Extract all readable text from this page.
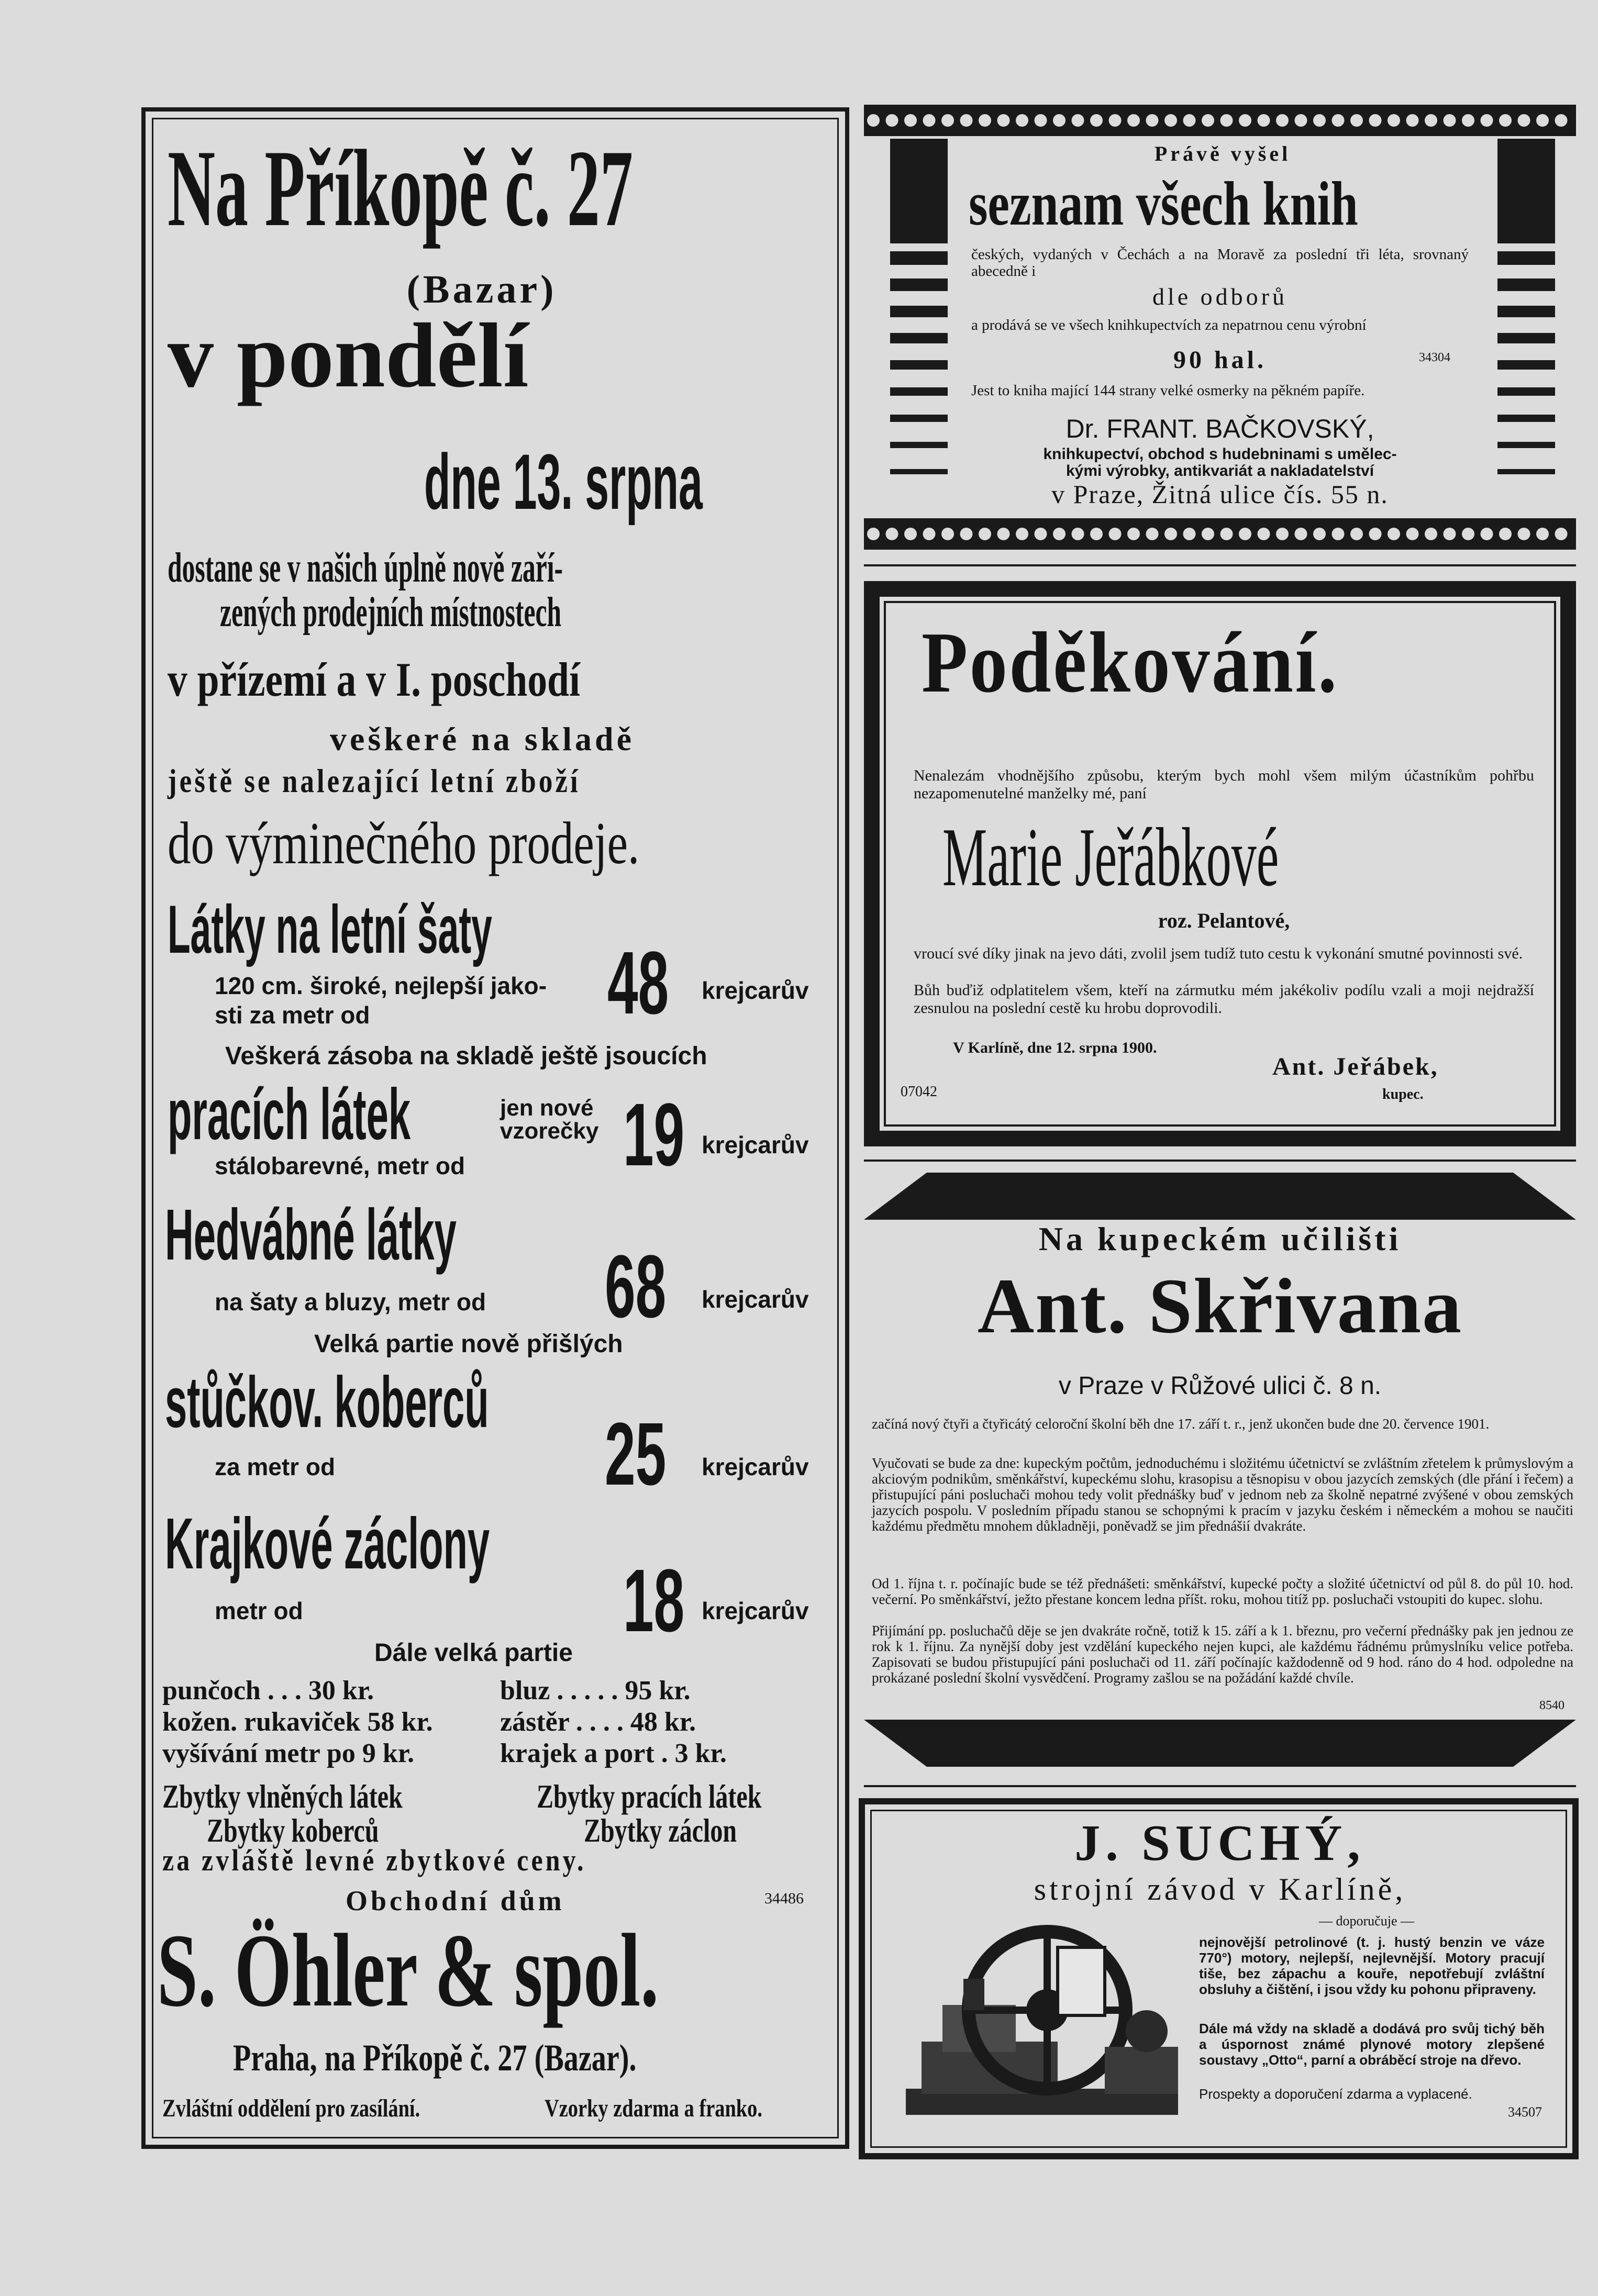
Na Příkopě č. 27
(Bazar)
v pondělí
dne 13. srpna
dostane se v našich úplně nově zaří-
zených prodejních místnostech
v přízemí a v I. poschodí
veškeré na skladě
ještě se nalezající letní zboží
do výminečného prodeje.
Látky na letní šaty
120 cm. široké, nejlepší jako-
sti za metr od	48 krejcarův
Veškerá zásoba na skladě ještě jsoucích
pracích látek	jen nové
vzorečky
stálobarevné, metr od 19 krejcarův
Hedvábné látky
na šaty a bluzy, metr od 68 krejcarův
Velká partie nově přišlých
stůčkov. koberců
za metr od	25 krejcarův
Krajkové záclony
metr od	18 krejcarův
Dále velká partie
punčoch . . . 30 kr.	bluz . . . . . 95 kr.
kožen. rukaviček 58 kr. zástěr . . . . 48 kr.
vyšívání metr po 9 kr.	krajek a port . 3 kr.
Zbytky vlněných látek	Zbytky pracích látek
Zbytky koberců	Zbytky záclon
za zvláště levné zbytkové ceny.
Obchodní dům	34486
S. Öhler & spol.
Praha, na Příkopě č. 27 (Bazar).
Zvláštní oddělení pro zasílání.	Vzorky zdarma a franko.
Právě vyšel
seznam všech knih
českých, vydaných v Čechách a na Moravě za poslední tři léta, srovnaný abecedně i
dle odborů
a prodává se ve všech knihkupectvích za nepatrnou cenu výrobní
90 hal.	34304
Jest to kniha mající 144 strany velké osmerky na pěkném papíře.
Dr. FRANT. BAČKOVSKÝ,
knihkupectví, obchod s hudebninami s umělec-
kými výrobky, antikvariát a nakladatelství
v Praze, Žitná ulice čís. 55 n.
Poděkování.
Nenalezám vhodnějšího způsobu, kterým bych mohl všem milým účastníkům pohřbu nezapomenutelné manželky mé, paní
Marie Jeřábkové
roz. Pelantové,
vroucí své díky jinak na jevo dáti, zvolil jsem tudíž tuto cestu k vykonání smutné povinnosti své.
Bůh buďiž odplatitelem všem, kteří na zármutku mém jakékoliv podílu vzali a moji nejdražší zesnulou na poslední cestě ku hrobu doprovodili.
V Karlíně, dne 12. srpna 1900.
Ant. Jeřábek,
kupec.
07042
Na kupeckém učilišti
Ant. Skřivana
v Praze v Růžové ulici č. 8 n.
začíná nový čtyři a čtyřicátý celoroční školní běh dne 17. září t. r., jenž ukončen bude dne 20. července 1901.
Vyučovati se bude za dne: kupeckým počtům, jednoduchému i složitému účetnictví se zvláštním zřetelem k průmyslovým a akciovým podnikům, směnkářství, kupeckému slohu, krasopisu a těsnopisu v obou jazycích zemských (dle přání i řečem) a přistupující páni posluchači mohou tedy volit přednášky buď v jednom neb za školně nepatrné zvýšené v obou zemských jazycích pospolu. V posledním případu stanou se schopnými k pracím v jazyku českém i německém a mohou se naučiti každému předmětu mnohem důkladněji, poněvadž se jim přednášií dvakráte.
Od 1. října t. r. počínajíc bude se též přednášeti: směnkářství, kupecké počty a složité účetnictví od půl 8. do půl 10. hod. večerní. Po směnkářství, ježto přestane koncem ledna příšt. roku, mohou titíž pp. posluchači vstoupiti do kupec. slohu.
Přijímání pp. posluchačů děje se jen dvakráte ročně, totiž k 15. září a k 1. březnu, pro večerní přednášky pak jen jednou ze rok k 1. říjnu. Za nynější doby jest vzdělání kupeckého nejen kupci, ale každému řádnému průmyslníku velice potřeba. Zapisovati se budou přistupující páni posluchači od 11. září počínajíc každodenně od 9 hod. ráno do 4 hod. odpoledne na prokázané poslední školní vysvědčení. Programy zašlou se na požádání každé chvíle.
8540
J. SUCHÝ,
strojní závod v Karlíně,
— doporučuje —
nejnovější petrolinové (t. j. hustý benzin ve váze 770°) motory, nejlepší, nejlevnější. Motory pracují tiše, bez zápachu a kouře, nepotřebují zvláštní obsluhy a čištění, i jsou vždy ku pohonu připraveny.
Dále má vždy na skladě a dodává pro svůj tichý běh a úspornost známé plynové motory zlepšené soustavy „Otto“, parní a obráběcí stroje na dřevo.
Prospekty a doporučení zdarma a vyplacené.
34507
